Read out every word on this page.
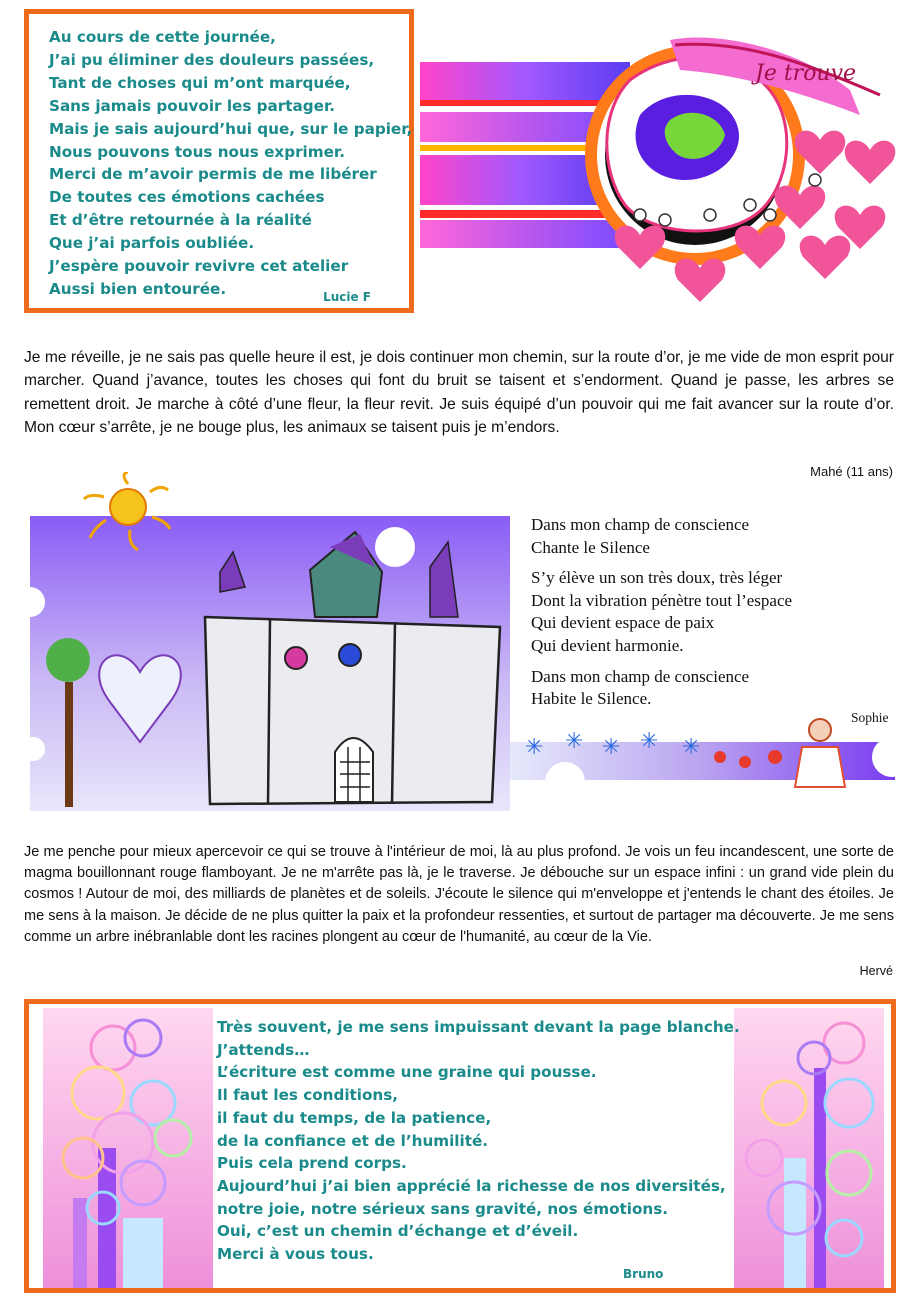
Au cours de cette journée,
J’ai pu éliminer des douleurs passées,
Tant de choses qui m’ont marquée,
Sans jamais pouvoir les partager.
Mais je sais aujourd’hui que, sur le papier,
Nous pouvons tous nous exprimer.
Merci de m’avoir permis de me libérer
De toutes ces émotions cachées
Et d’être retournée à la réalité
Que j’ai parfois oubliée.
J’espère pouvoir revivre cet atelier
Aussi bien entourée.	Lucie F
Je trouve
Je me réveille, je ne sais pas quelle heure il est, je dois continuer mon chemin, sur la route d’or, je me vide de mon esprit pour marcher. Quand j’avance, toutes les choses qui font du bruit se taisent et s’endorment. Quand je passe, les arbres se remettent droit. Je marche à côté d’une fleur, la fleur revit. Je suis équipé d’un pouvoir qui me fait avancer sur la route d’or. Mon cœur s’arrête, je ne bouge plus, les animaux se taisent puis je m’endors.
Mahé (11 ans)
✳ ✳ ✳ ✳ ✳
Dans mon champ de conscience
Chante le Silence
S’y élève un son très doux, très léger
Dont la vibration pénètre tout l’espace
Qui devient espace de paix
Qui devient harmonie.
Dans mon champ de conscience
Habite le Silence.
Sophie
Je me penche pour mieux apercevoir ce qui se trouve à l'intérieur de moi, là au plus profond. Je vois un feu incandescent, une sorte de magma bouillonnant rouge flamboyant. Je ne m'arrête pas là, je le traverse. Je débouche sur un espace infini : un grand vide plein du cosmos ! Autour de moi, des milliards de planètes et de soleils. J'écoute le silence qui m'enveloppe et j'entends le chant des étoiles. Je me sens à la maison. Je décide de ne plus quitter la paix et la profondeur ressenties, et surtout de partager ma découverte. Je me sens comme un arbre inébranlable dont les racines plongent au cœur de l'humanité, au cœur de la Vie.
Hervé
Très souvent, je me sens impuissant devant la page blanche.
J’attends…
L’écriture est comme une graine qui pousse.
Il faut les conditions,
il faut du temps, de la patience,
de la confiance et de l’humilité.
Puis cela prend corps.
Aujourd’hui j’ai bien apprécié la richesse de nos diversités,
notre joie, notre sérieux sans gravité, nos émotions.
Oui, c’est un chemin d’échange et d’éveil.
Merci à vous tous.
Bruno
